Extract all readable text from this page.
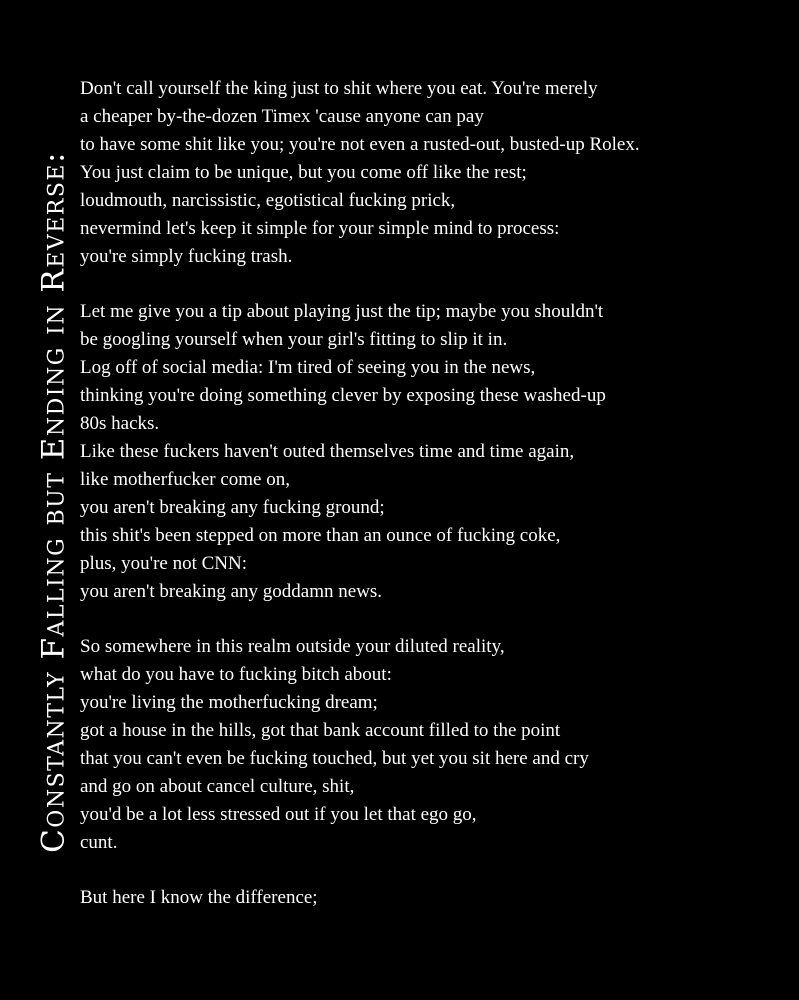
Constantly Falling but Ending in Reverse:
Don't call yourself the king just to shit where you eat. You're merely
a cheaper by-the-dozen Timex 'cause anyone can pay
to have some shit like you; you're not even a rusted-out, busted-up Rolex.
You just claim to be unique, but you come off like the rest;
loudmouth, narcissistic, egotistical fucking prick,
nevermind let's keep it simple for your simple mind to process:
you're simply fucking trash.
Let me give you a tip about playing just the tip; maybe you shouldn't
be googling yourself when your girl's fitting to slip it in.
Log off of social media: I'm tired of seeing you in the news,
thinking you're doing something clever by exposing these washed-up
80s hacks.
Like these fuckers haven't outed themselves time and time again,
like motherfucker come on,
you aren't breaking any fucking ground;
this shit's been stepped on more than an ounce of fucking coke,
plus, you're not CNN:
you aren't breaking any goddamn news.
So somewhere in this realm outside your diluted reality,
what do you have to fucking bitch about:
you're living the motherfucking dream;
got a house in the hills, got that bank account filled to the point
that you can't even be fucking touched, but yet you sit here and cry
and go on about cancel culture, shit,
you'd be a lot less stressed out if you let that ego go,
cunt.
But here I know the difference;
